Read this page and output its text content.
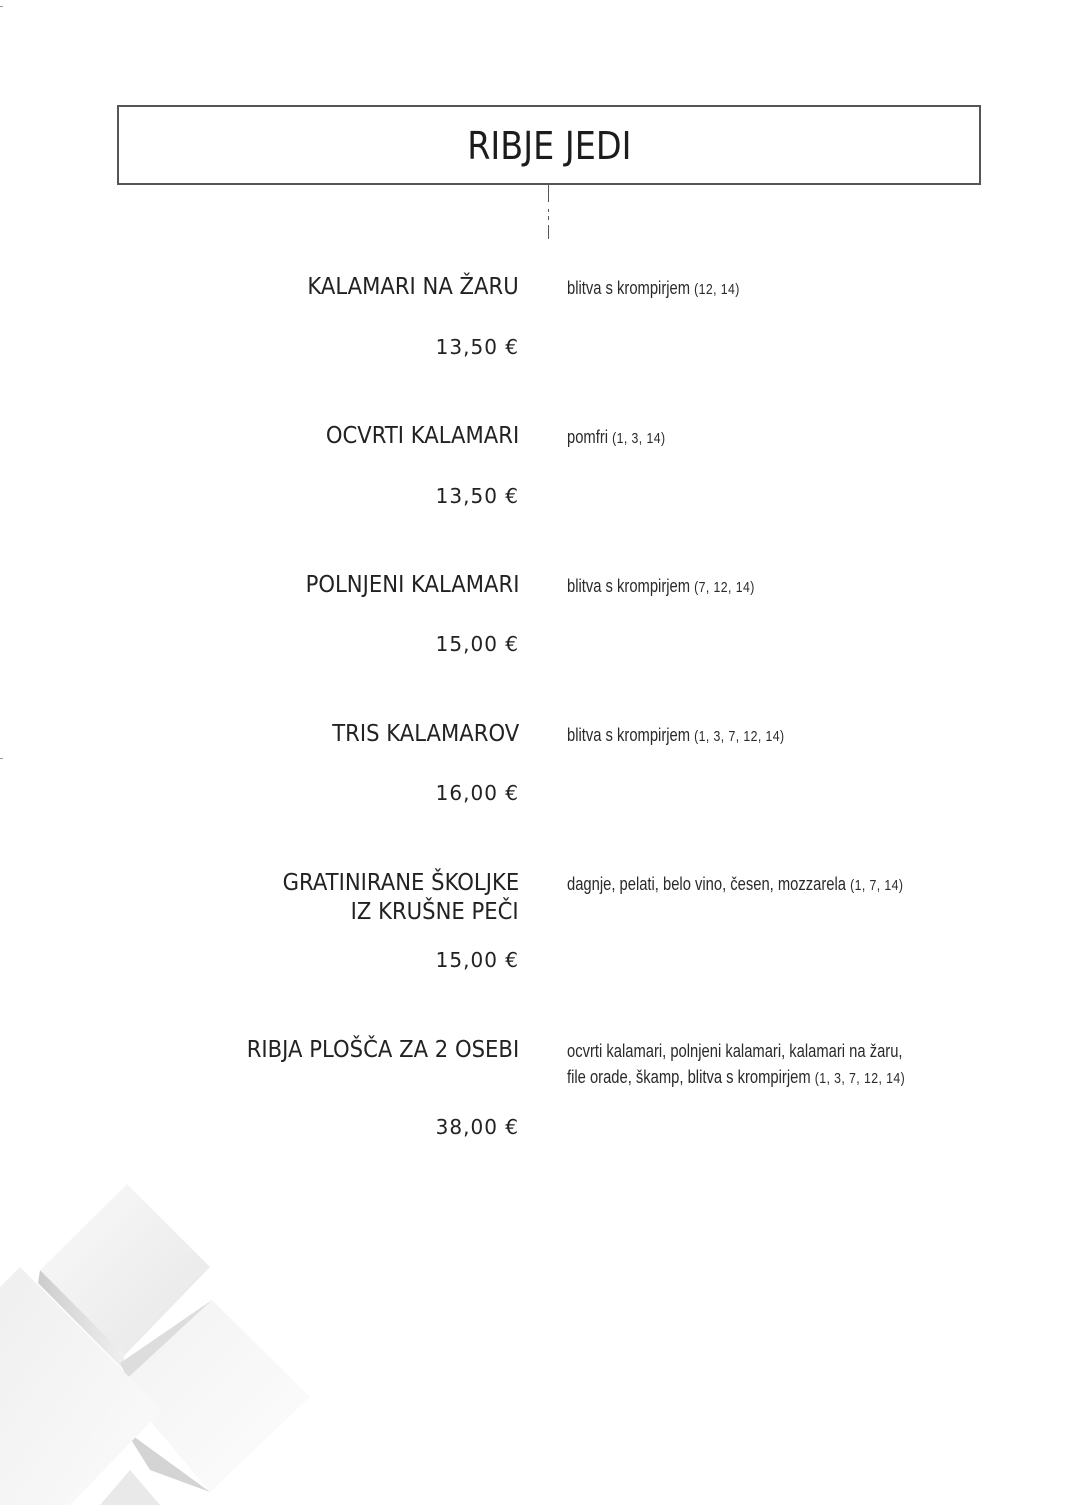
RIBJE JEDI
KALAMARI NA ŽARU
13,50 €
blitva s krompirjem (12, 14)
OCVRTI KALAMARI
13,50 €
pomfri (1, 3, 14)
POLNJENI KALAMARI
15,00 €
blitva s krompirjem (7, 12, 14)
TRIS KALAMAROV
16,00 €
blitva s krompirjem (1, 3, 7, 12, 14)
GRATINIRANE ŠKOLJKE
IZ KRUŠNE PEČI
15,00 €
dagnje, pelati, belo vino, česen, mozzarela (1, 7, 14)
RIBJA PLOŠČA ZA 2 OSEBI
38,00 €
ocvrti kalamari, polnjeni kalamari, kalamari na žaru,
file orade, škamp, blitva s krompirjem (1, 3, 7, 12, 14)
